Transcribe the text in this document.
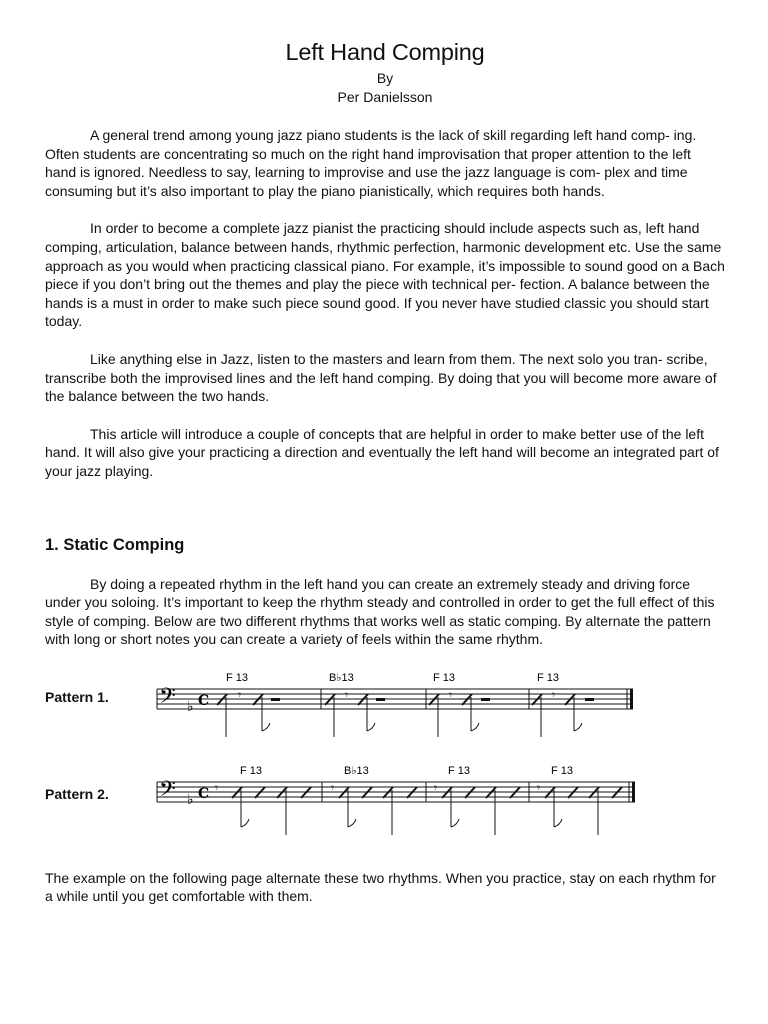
Left Hand Comping
By
Per Danielsson

A general trend among young jazz piano students is the lack of skill regarding left hand comp- ing. Often students are concentrating so much on the right hand improvisation that proper attention to the left hand is ignored. Needless to say, learning to improvise and use the jazz language is com- plex and time consuming but it’s also important to play the piano pianistically, which requires both hands.

In order to become a complete jazz pianist the practicing should include aspects such as, left hand comping, articulation, balance between hands, rhythmic perfection, harmonic development etc. Use the same approach as you would when practicing classical piano. For example, it’s impossible to sound good on a Bach piece if you don’t bring out the themes and play the piece with technical per- fection. A balance between the hands is a must in order to make such piece sound good. If you never have studied classic you should start today.

Like anything else in Jazz, listen to the masters and learn from them. The next solo you tran- scribe, transcribe both the improvised lines and the left hand comping. By doing that you will become more aware of the balance between the two hands.

This article will introduce a couple of concepts that are helpful in order to make better use of the left hand. It will also give your practicing a direction and eventually the left hand will become an integrated part of your jazz playing.

1. Static Comping

By doing a repeated rhythm in the left hand you can create an extremely steady and driving force under you soloing. It’s important to keep the rhythm steady and controlled in order to get the full effect of this style of comping. Below are two different rhythms that works well as static comping. By alternate the pattern with long or short notes you can create a variety of feels within the same rhythm.

Pattern 1.
F 13	B♭13	F 13	F 13
𝄢 ♭ C 𝄾	𝄾	𝄾	𝄾
Pattern 2.
F 13	B♭13	F 13	F 13
𝄢 ♭ C 𝄾	𝄾	𝄾	𝄾

The example on the following page alternate these two rhythms. When you practice, stay on each rhythm for a while until you get comfortable with them.
